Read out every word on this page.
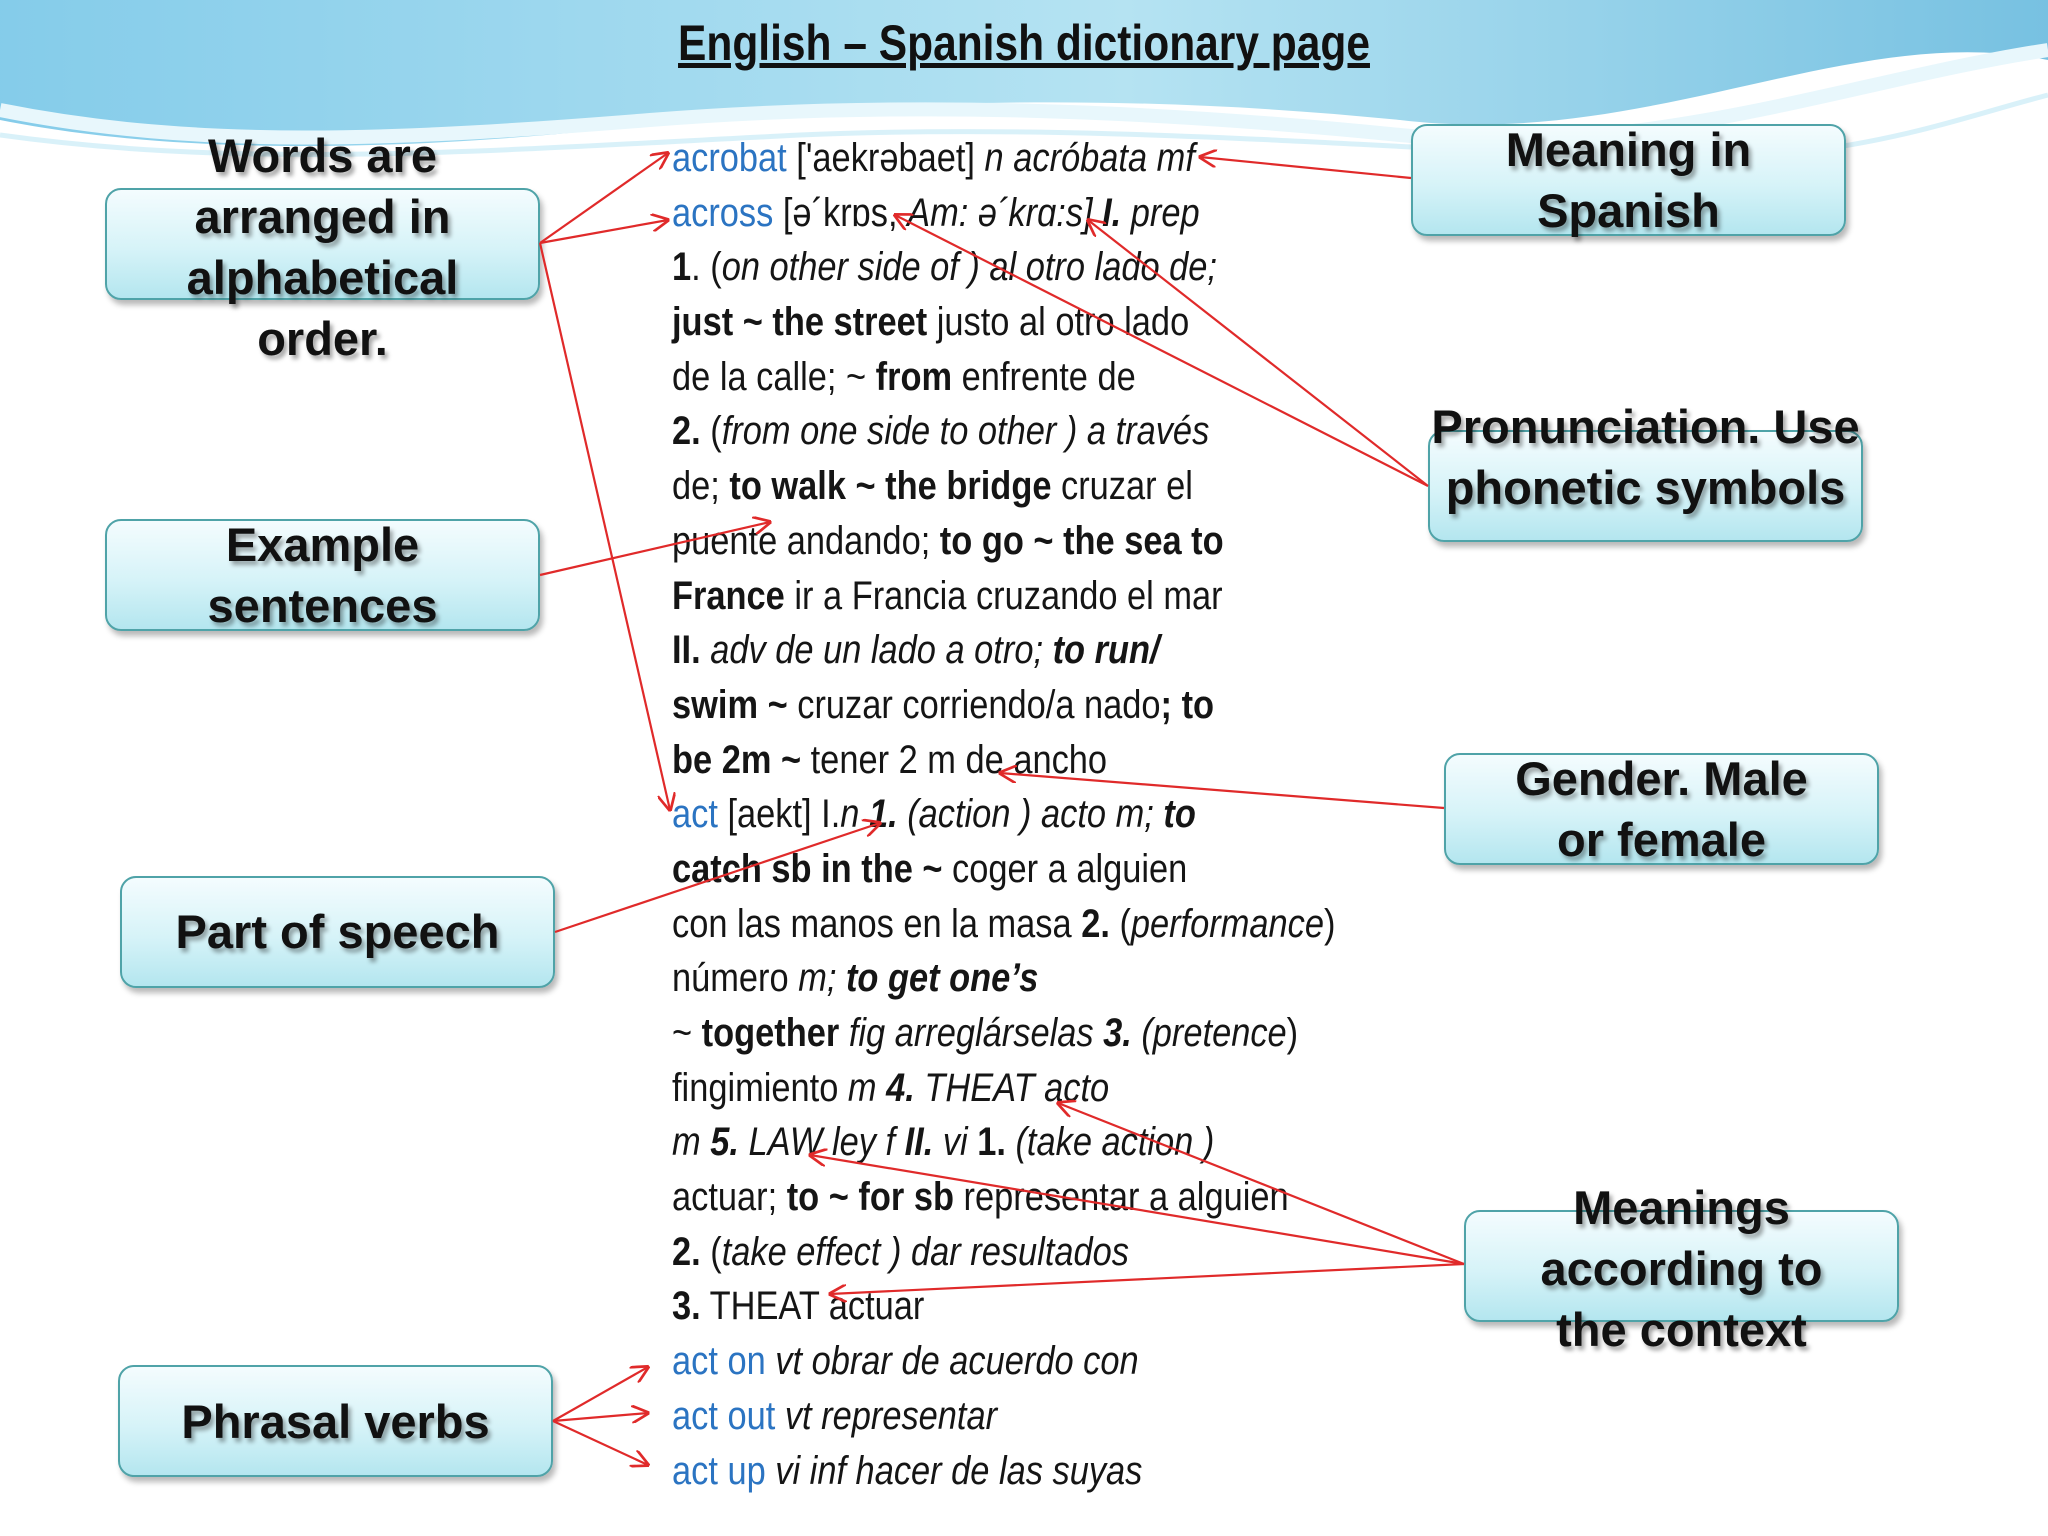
English – Spanish dictionary page
Words are arranged in alphabetical order.
Example sentences
Part of speech
Phrasal verbs
Meaning in Spanish
Pronunciation. Use phonetic symbols
Gender. Male or female
Meanings according to the context
acrobat ['aekrəbaet] n acróbata mf
across [ə´krɒs, Am: ə´krɑ:s] I. prep
1. (on other side of ) al otro lado de;
just ~ the street justo al otro lado
de la calle; ~ from enfrente de
2. (from one side to other ) a través
de; to walk ~ the bridge cruzar el
puente andando; to go ~ the sea to
France ir a Francia cruzando el mar
II. adv de un lado a otro; to run/
swim ~ cruzar corriendo/a nado; to
be 2m ~ tener 2 m de ancho
act [aekt] I.n 1. (action ) acto m; to
catch sb in the ~ coger a alguien
con las manos en la masa 2. (performance)
número m; to get one’s
~ together fig arreglárselas 3. (pretence)
fingimiento m 4. THEAT acto
m 5. LAW ley f II. vi 1. (take action )
actuar; to ~ for sb representar a alguien
2. (take effect ) dar resultados
3. THEAT actuar
act on vt obrar de acuerdo con
act out vt representar
act up vi inf hacer de las suyas
